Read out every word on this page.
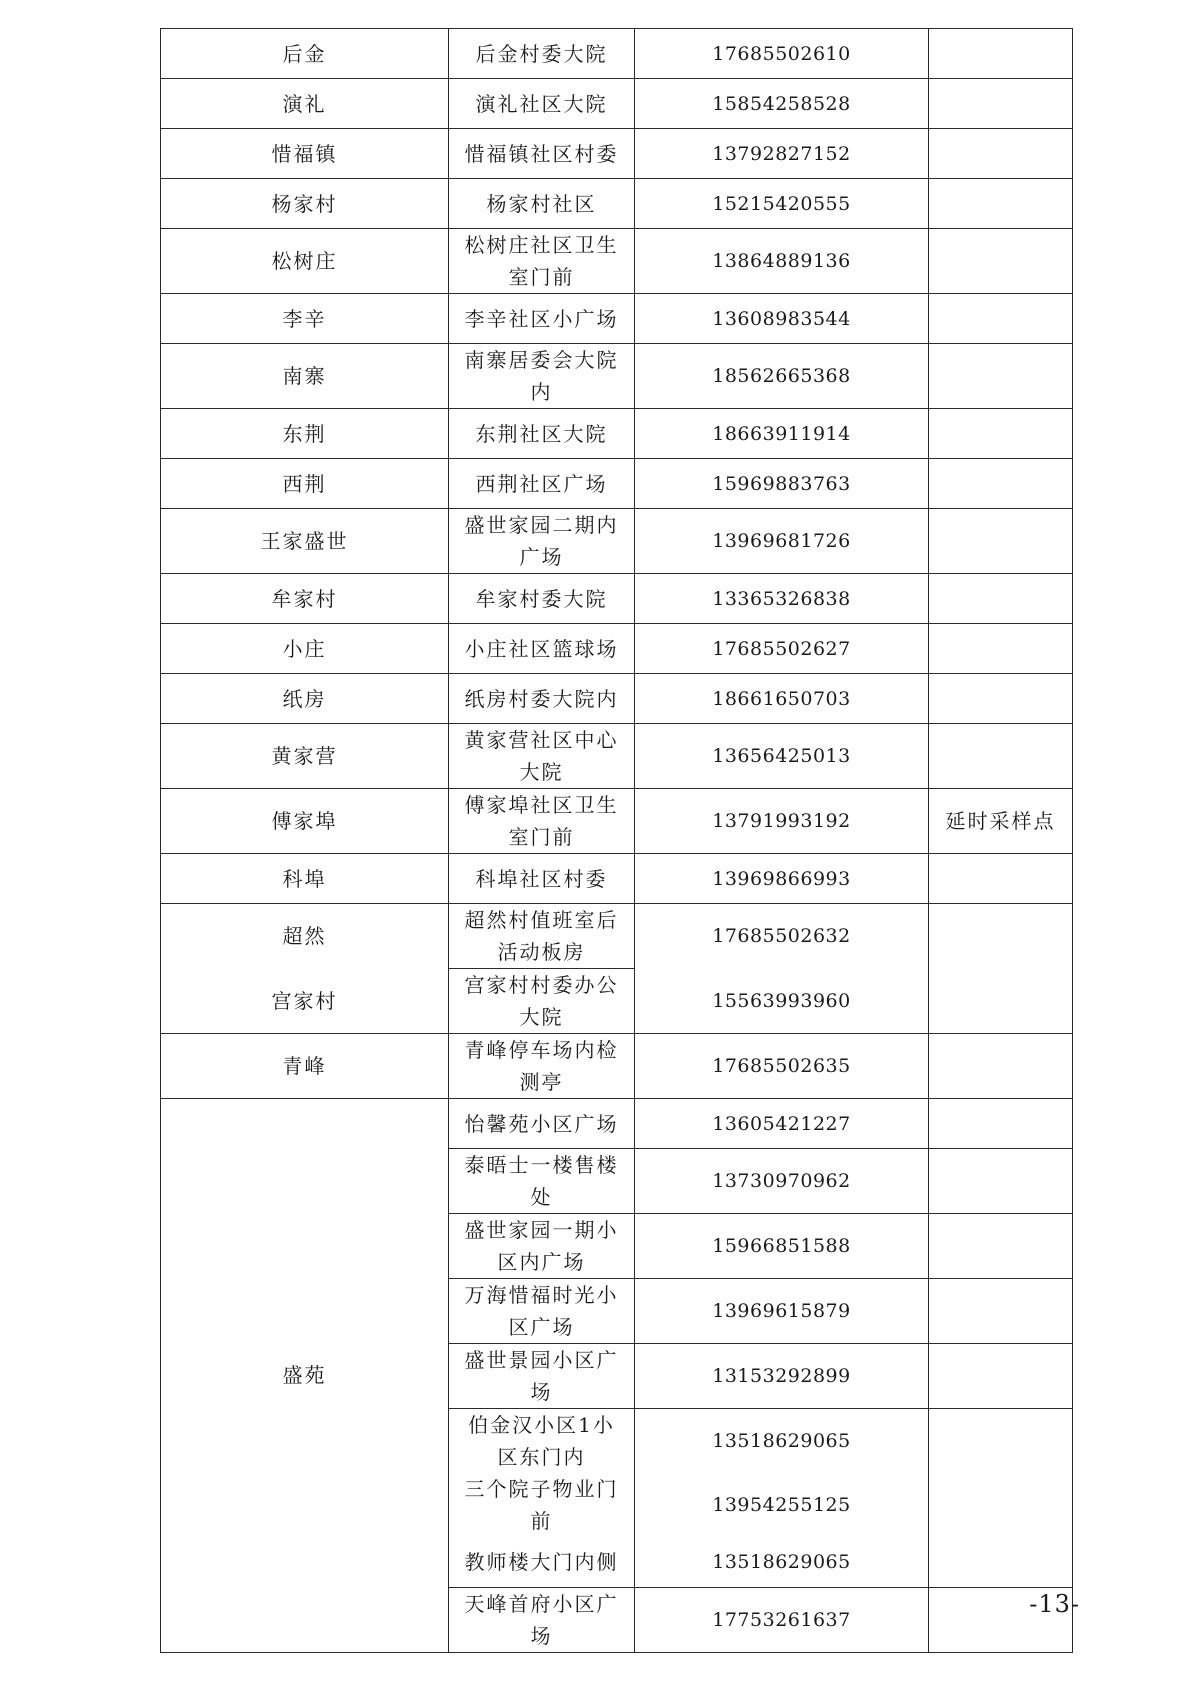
后金	后金村委大院	17685502610	
演礼	演礼社区大院	15854258528	
惜福镇	惜福镇社区村委	13792827152	
杨家村	杨家村社区	15215420555	
松树庄	松树庄社区卫生室门前	13864889136	
李辛	李辛社区小广场	13608983544	
南寨	南寨居委会大院内	18562665368	
东荆	东荆社区大院	18663911914	
西荆	西荆社区广场	15969883763	
王家盛世	盛世家园二期内广场	13969681726	
牟家村	牟家村委大院	13365326838	
小庄	小庄社区篮球场	17685502627	
纸房	纸房村委大院内	18661650703	
黄家营	黄家营社区中心大院	13656425013	
傅家埠	傅家埠社区卫生室门前	13791993192	延时采样点
科埠	科埠社区村委	13969866993	
超然	超然村值班室后活动板房	17685502632	
宫家村	宫家村村委办公大院	15563993960	
青峰	青峰停车场内检测亭	17685502635	
盛苑	怡馨苑小区广场	13605421227	
	泰晤士一楼售楼处	13730970962	
	盛世家园一期小区内广场	15966851588	
	万海惜福时光小区广场	13969615879	
	盛世景园小区广场	13153292899	
	伯金汉小区1小区东门内	13518629065	
	三个院子物业门前	13954255125	
	教师楼大门内侧	13518629065	
	天峰首府小区广场	17753261637	
-13-
